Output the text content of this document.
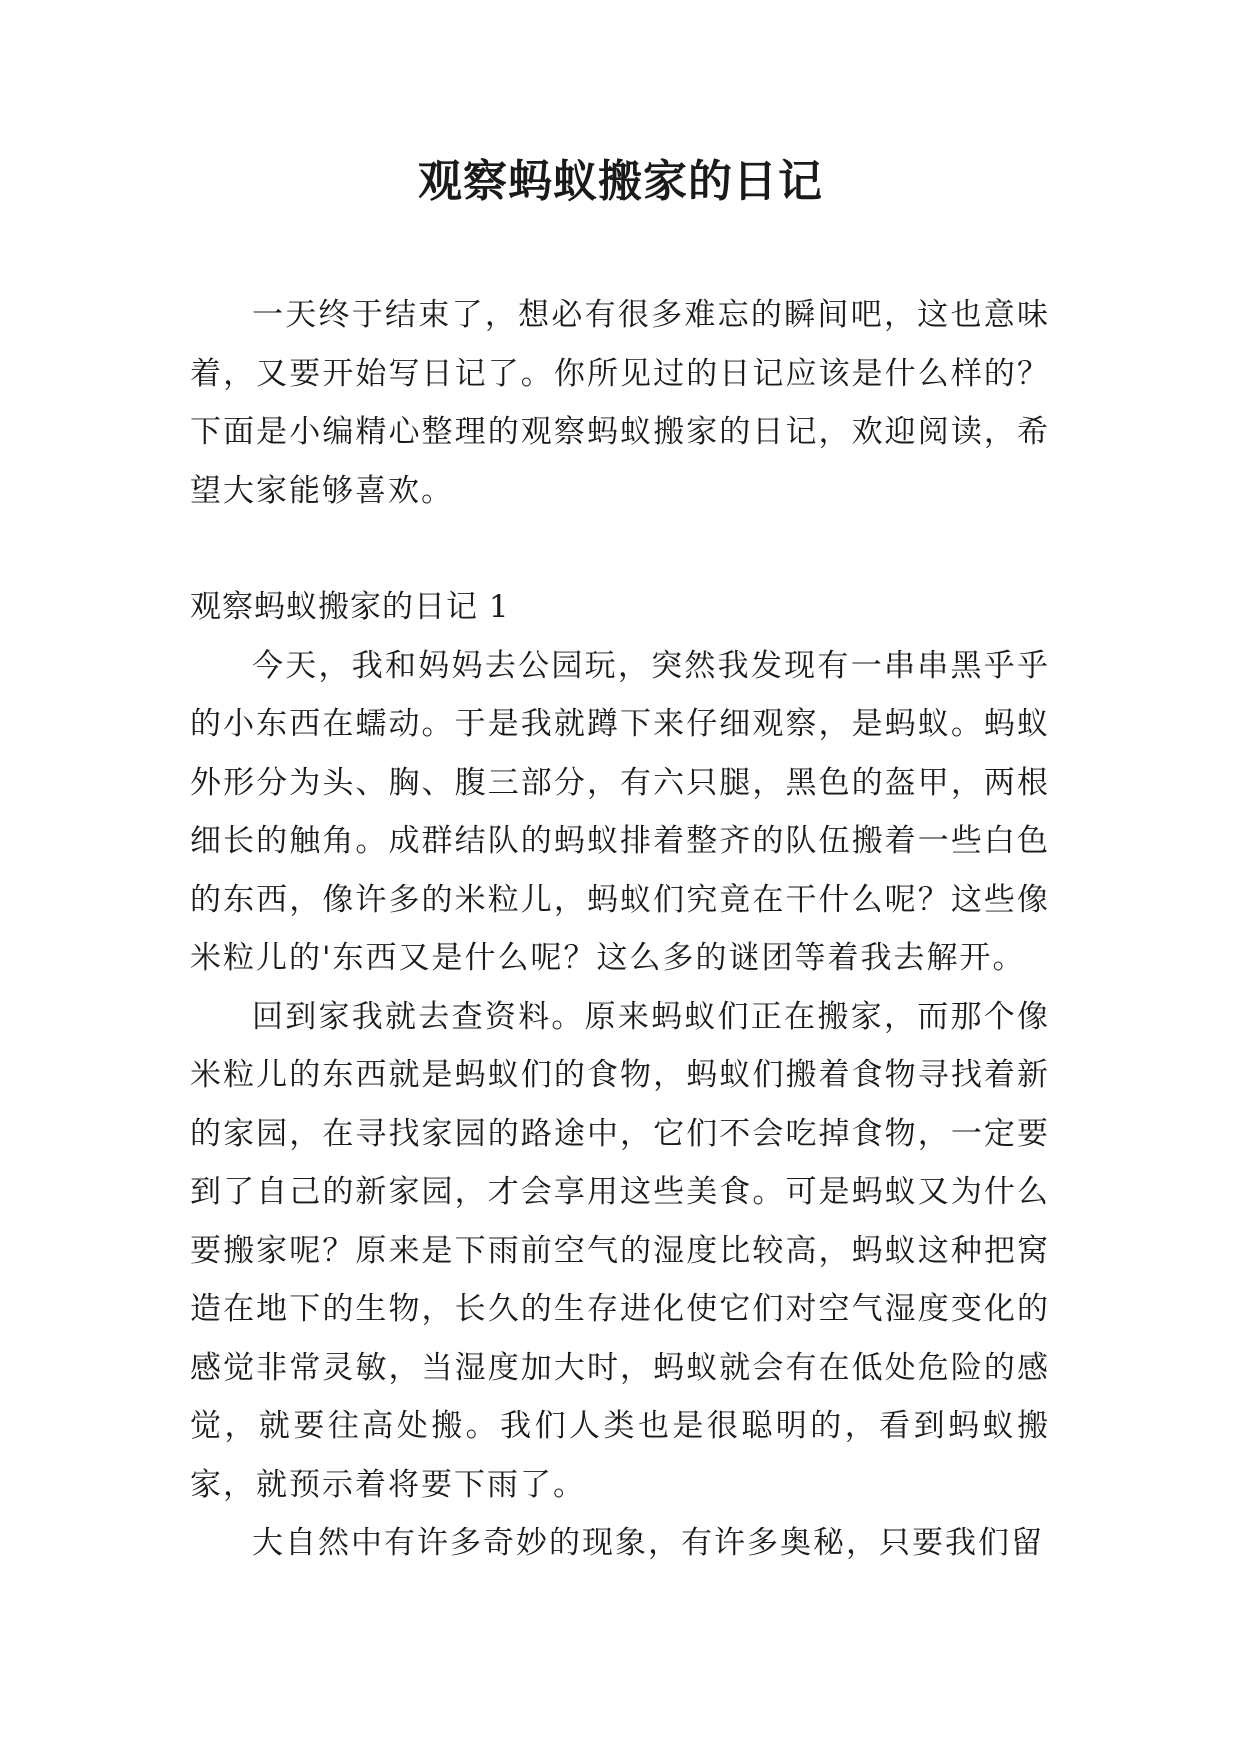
观察蚂蚁搬家的日记

一天终于结束了，想必有很多难忘的瞬间吧，这也意味着，又要开始写日记了。你所见过的日记应该是什么样的？下面是小编精心整理的观察蚂蚁搬家的日记，欢迎阅读，希望大家能够喜欢。

观察蚂蚁搬家的日记 1

今天，我和妈妈去公园玩，突然我发现有一串串黑乎乎的小东西在蠕动。于是我就蹲下来仔细观察，是蚂蚁。蚂蚁外形分为头、胸、腹三部分，有六只腿，黑色的盔甲，两根细长的触角。成群结队的蚂蚁排着整齐的队伍搬着一些白色的东西，像许多的米粒儿，蚂蚁们究竟在干什么呢？这些像米粒儿的'东西又是什么呢？这么多的谜团等着我去解开。

回到家我就去查资料。原来蚂蚁们正在搬家，而那个像米粒儿的东西就是蚂蚁们的食物，蚂蚁们搬着食物寻找着新的家园，在寻找家园的路途中，它们不会吃掉食物，一定要到了自己的新家园，才会享用这些美食。可是蚂蚁又为什么要搬家呢？原来是下雨前空气的湿度比较高，蚂蚁这种把窝造在地下的生物，长久的生存进化使它们对空气湿度变化的感觉非常灵敏，当湿度加大时，蚂蚁就会有在低处危险的感觉，就要往高处搬。我们人类也是很聪明的，看到蚂蚁搬家，就预示着将要下雨了。

大自然中有许多奇妙的现象，有许多奥秘，只要我们留
